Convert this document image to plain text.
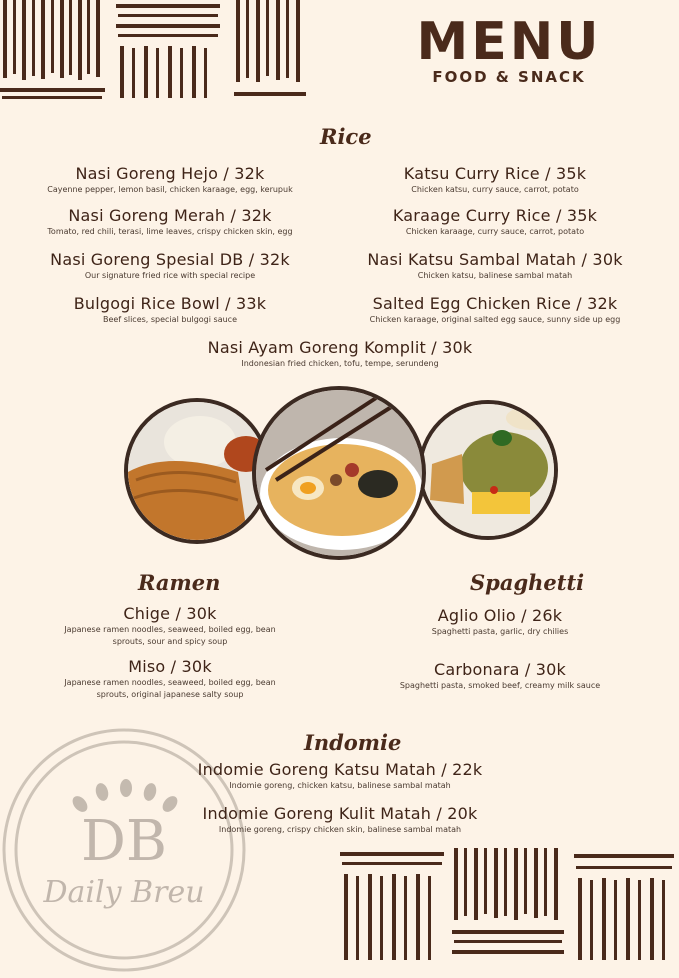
MENU
FOOD & SNACK
Rice
Nasi Goreng Hejo / 32k
Cayenne pepper, lemon basil, chicken karaage, egg, kerupuk
Katsu Curry Rice / 35k
Chicken katsu, curry sauce, carrot, potato
Nasi Goreng Merah / 32k
Tomato, red chili, terasi, lime leaves, crispy chicken skin, egg
Karaage Curry Rice / 35k
Chicken karaage, curry sauce, carrot, potato
Nasi Goreng Spesial DB / 32k
Our signature fried rice with special recipe
Nasi Katsu Sambal Matah / 30k
Chicken katsu, balinese sambal matah
Bulgogi Rice Bowl / 33k
Beef slices, special bulgogi sauce
Salted Egg Chicken Rice / 32k
Chicken karaage, original salted egg sauce, sunny side up egg
Nasi Ayam Goreng Komplit / 30k
Indonesian fried chicken, tofu, tempe, serundeng
Ramen
Chige / 30k
Japanese ramen noodles, seaweed, boiled egg, bean sprouts, sour and spicy soup
Miso / 30k
Japanese ramen noodles, seaweed, boiled egg, bean sprouts, original japanese salty soup
Spaghetti
Aglio Olio / 26k
Spaghetti pasta, garlic, dry chilies
Carbonara / 30k
Spaghetti pasta, smoked beef, creamy milk sauce
DB
Daily Breu
Indomie
Indomie Goreng Katsu Matah / 22k
Indomie goreng, chicken katsu, balinese sambal matah
Indomie Goreng Kulit Matah / 20k
Indomie goreng, crispy chicken skin, balinese sambal matah
